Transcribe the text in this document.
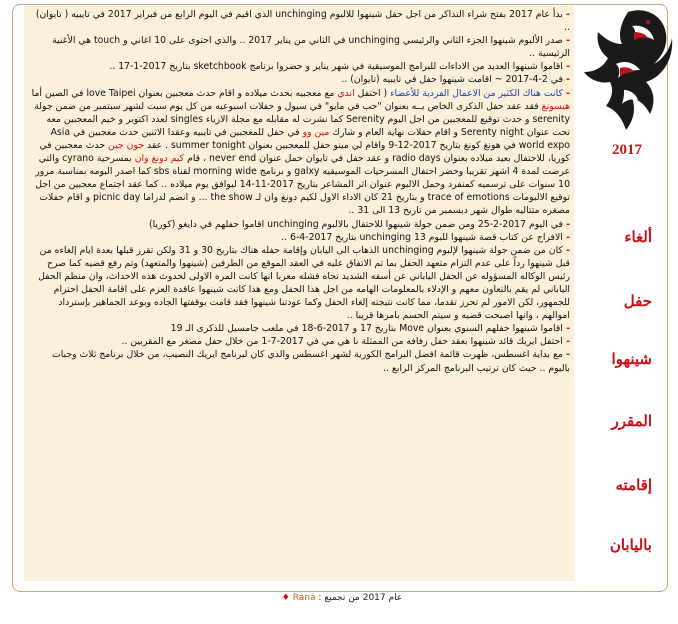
- بدأ عام 2017 بفتح شراء التذاكر من اجل حفل شينهوا للالبوم unchinging الذي اقيم في اليوم الرابع من فبراير 2017 في تايبيه ( تايوان) ..

- صدر الألبوم شينهوا الجزء الثاني والرئيسي unchinging في الثاني من يناير 2017 .. والذي احتوى على 10 اغاني و touch هي الأغنية الرئيسية ..

- اقاموا شينهوا العديد من الاداءات للبرامج الموسيقية في شهر يناير و حضروا برنامج sketchbook بتاريخ 2017-1-17 ..

- في 2-4-2017 ~ اقامت شينهوا حفل في تايبيه (تايوان) ..

- كانت هناك الكثير من الاعمال الفردية للأعضاء ( احتفل اندي مع معجبيه بحدث ميلاده و اقام حدث معجبين بعنوان love Taipei في الصين أما هيسونغ فقد عقد حفل الذكرى الخاص بــه بعنوان "حب في مايو" في سيول و حفلات اسبوعيه من كل يوم سبت لشهر سبتمبر من ضمن جولة serenity و حدث توقيع للمعجبين من اجل اليوم Serenity كما نشرت له مقابله مع مجلة الازياء singles لعدد اكتوبر و خيم المعجبين معه تحت عنوان Serenty night و اقام حفلات نهاية العام و شارك مين وو في حفل للمعجبين في تايبيه وعقدا الاثنين حدث معجبين في Asia world expo في هونغ كونغ بتاريخ 2017-12-9 واقام لي مينو حفل للمعجبين بعنوان summer tonight . عقد جون جين حدث معجبين في كوريا، للاحتفال بعيد ميلاده بعنوان radio days و عقد حفل في تايوان حمل عنوان never end ، قام كيم دونغ وان بمسرحية cyrano والتي عرضت لمدة 4 اشهر تقريبا وحضر احتفال المسرحيات الموسيقيه galxy و برنامج morning wide لقناة sbs كما اصدر البومه بمناسبة مرور 10 سنوات على ترسميه كمنفرد وحمل الالبوم عنوان اثر المشاعر بتاريخ 2017-11-14 ليوافق يوم ميلاده .. كما عقد اجتماع معجبين من اجل توقيع الالبومات trace of emotions و بتاريخ 21 كان الاداء الاول لكيم دونغ وان لـ the show ... و انضم لدراما picnic day و اقام حفلات مصغره متتاليه طوال شهر ديسمبر من تاريخ 13 الى 31 ..

- في اليوم 2017-2-25 ومن ضمن جولة شينهوا للاحتفال بالالبوم unchinging اقاموا حفلهم في دايغو (كوريا)

- الافراج عن كتاب قصة شينهوا للبوم 13 unchinging بتاريخ 2017-4-6 ..

- كان من ضمن جولة شينهوا لإلبوم unchinging الذهاب الى اليابان وإقامة حفله هناك بتاريخ 30 و 31 ولكن تقرر قبلها بعدة ايام إلغاءه من قبل شينهوا رداً على عدم التزام متعهد الحفل بما تم الاتفاق عليه في العقد الموقع من الطرفين (شينهوا والمتعهد) وتم رفع قضيه كما صرح رئيس الوكاله المسؤوله عن الحفل الياباني عن أسفه الشديد تجاه فشله معربا انها كانت المره الاولى لحدوث هذه الاحداث، وان منظم الحفل الياباني لم يقم بالتعاون معهم و الإدلاء بالمعلومات الهامه من اجل هذا الحفل ومع هذا كانت شينهوا عاقدة العزم على اقامة الحفل احترام للجمهور، لكن الامور لم تحرز تقدما، مما كانت نتيجته إلغاء الحفل وكما عودتنا شينهوا فقد قامت بوقفتها الجاده وبوعد الجماهير بإسترداد اموالهم ، وانها اصبحت قضيه و سيتم الحسم بامرها قريبا ..

- اقاموا شينهوا حفلهم السنوي بعنوان Move بتاريخ 17 و 2017-6-18 في ملعب جامسيل للذكرى الـ 19

- احتفل ايريك قائد شينهوا بعقد حفل زفافه من الممثلة نا هي مي في 2017-7-1 من خلال حفل مصغر مع المقربين ..

- مع بداية اغسطس، ظهرت قائمة افضل البرامج الكورية لشهر اغسطس والذي كان لبرنامج ايريك النصيب، من خلال برنامج ثلاث وجبات باليوم .. حيث كان ترتيب البرنامج المركز الرابع ..

2017
ألغاء
حفل
شينهوا
المقرر
إقامته
باليابان
عام 2017 من تجميع : Rana ♦
